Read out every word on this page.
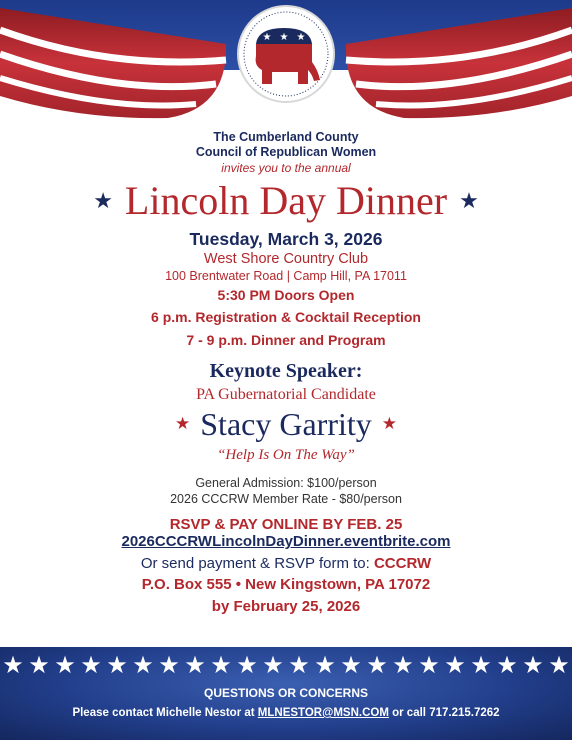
★ ★ ★
The Cumberland County
Council of Republican Women
invites you to the annual
★ Lincoln Day Dinner ★
Tuesday, March 3, 2026
West Shore Country Club
100 Brentwater Road | Camp Hill, PA 17011
5:30 PM Doors Open
6 p.m. Registration & Cocktail Reception
7 - 9 p.m. Dinner and Program
Keynote Speaker:
PA Gubernatorial Candidate
★ Stacy Garrity ★
“Help Is On The Way”
General Admission: $100/person
2026 CCCRW Member Rate - $80/person
RSVP & PAY ONLINE BY FEB. 25
2026CCCRWLincolnDayDinner.eventbrite.com
Or send payment & RSVP form to: CCCRW
P.O. Box 555 • New Kingstown, PA 17072
by February 25, 2026
★ ★ ★ ★ ★ ★ ★ ★ ★ ★ ★ ★ ★ ★ ★ ★ ★ ★ ★ ★ ★ ★
QUESTIONS OR CONCERNS
Please contact Michelle Nestor at MLNESTOR@MSN.COM or call 717.215.7262
